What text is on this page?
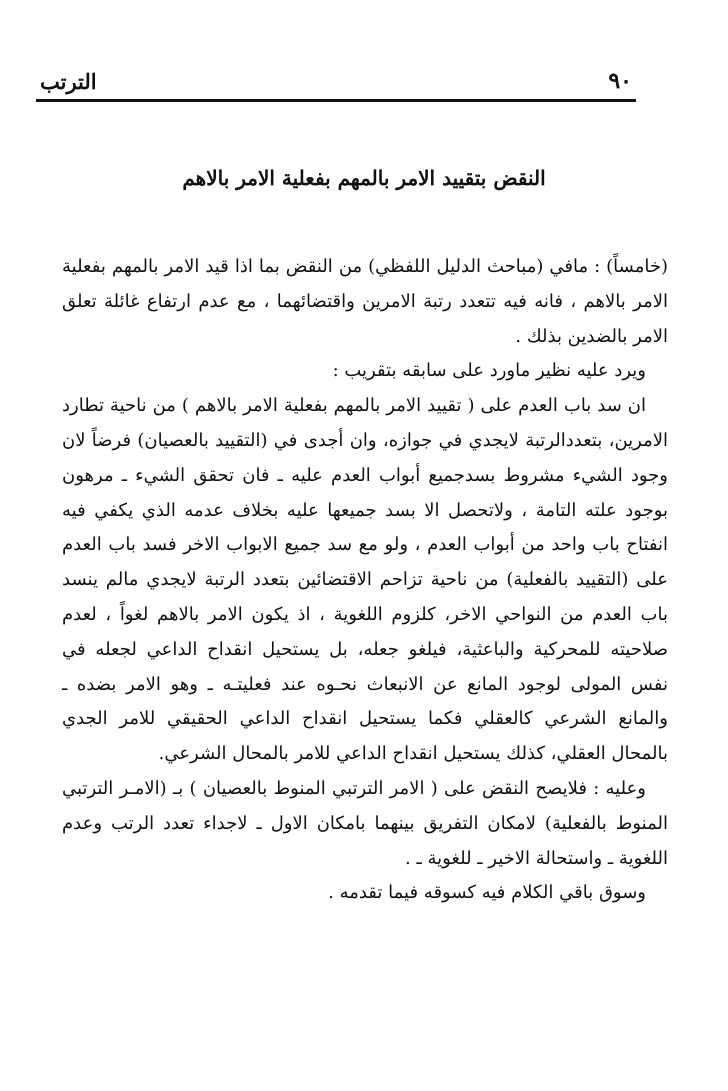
٩٠
الترتب
النقض بتقييد الامر بالمهم بفعلية الامر بالاهم

(خامساً) : مافي (مباحث الدليل اللفظي) من النقض بما اذا قيد الامر بالمهم بفعلية الامر بالاهم ، فانه فيه تتعدد رتبة الامرين واقتضائهما ، مع عدم ارتفاع غائلة تعلق الامر بالضدين بذلك .

ويرد عليه نظير ماورد على سابقه بتقريب :

ان سد باب العدم على ( تقييد الامر بالمهم بفعلية الامر بالاهم ) من ناحية تطارد الامرين، بتعددالرتبة لايجدي في جوازه، وان أجدى في (التقييد بالعصيان) فرضاً لان وجود الشيء مشروط بسدجميع أبواب العدم عليه ـ فان تحقق الشيء ـ مرهون بوجود علته التامة ، ولاتحصل الا بسد جميعها عليه بخلاف عدمه الذي يكفي فيه انفتاح باب واحد من أبواب العدم ، ولو مع سد جميع الابواب الاخر فسد باب العدم على (التقييد بالفعلية) من ناحية تزاحم الاقتضائين بتعدد الرتبة لايجدي مالم ينسد باب العدم من النواحي الاخر، كلزوم اللغوية ، اذ يكون الامر بالاهم لغواً ، لعدم صلاحيته للمحركية والباعثية، فيلغو جعله، بل يستحيل انقداح الداعي لجعله في نفس المولى لوجود المانع عن الانبعاث نحـوه عند فعليتـه ـ وهو الامر بضده ـ والمانع الشرعي كالعقلي فكما يستحيل انقداح الداعي الحقيقي للامر الجدي بالمحال العقلي، كذلك يستحيل انقداح الداعي للامر بالمحال الشرعي.

وعليه : فلايصح النقض على ( الامر الترتبي المنوط بالعصيان ) بـ (الامـر الترتبي المنوط بالفعلية) لامكان التفريق بينهما بامكان الاول ـ لاجداء تعدد الرتب وعدم اللغوية ـ واستحالة الاخير ـ للغوية ـ .

وسوق باقي الكلام فيه كسوقه فيما تقدمه .
